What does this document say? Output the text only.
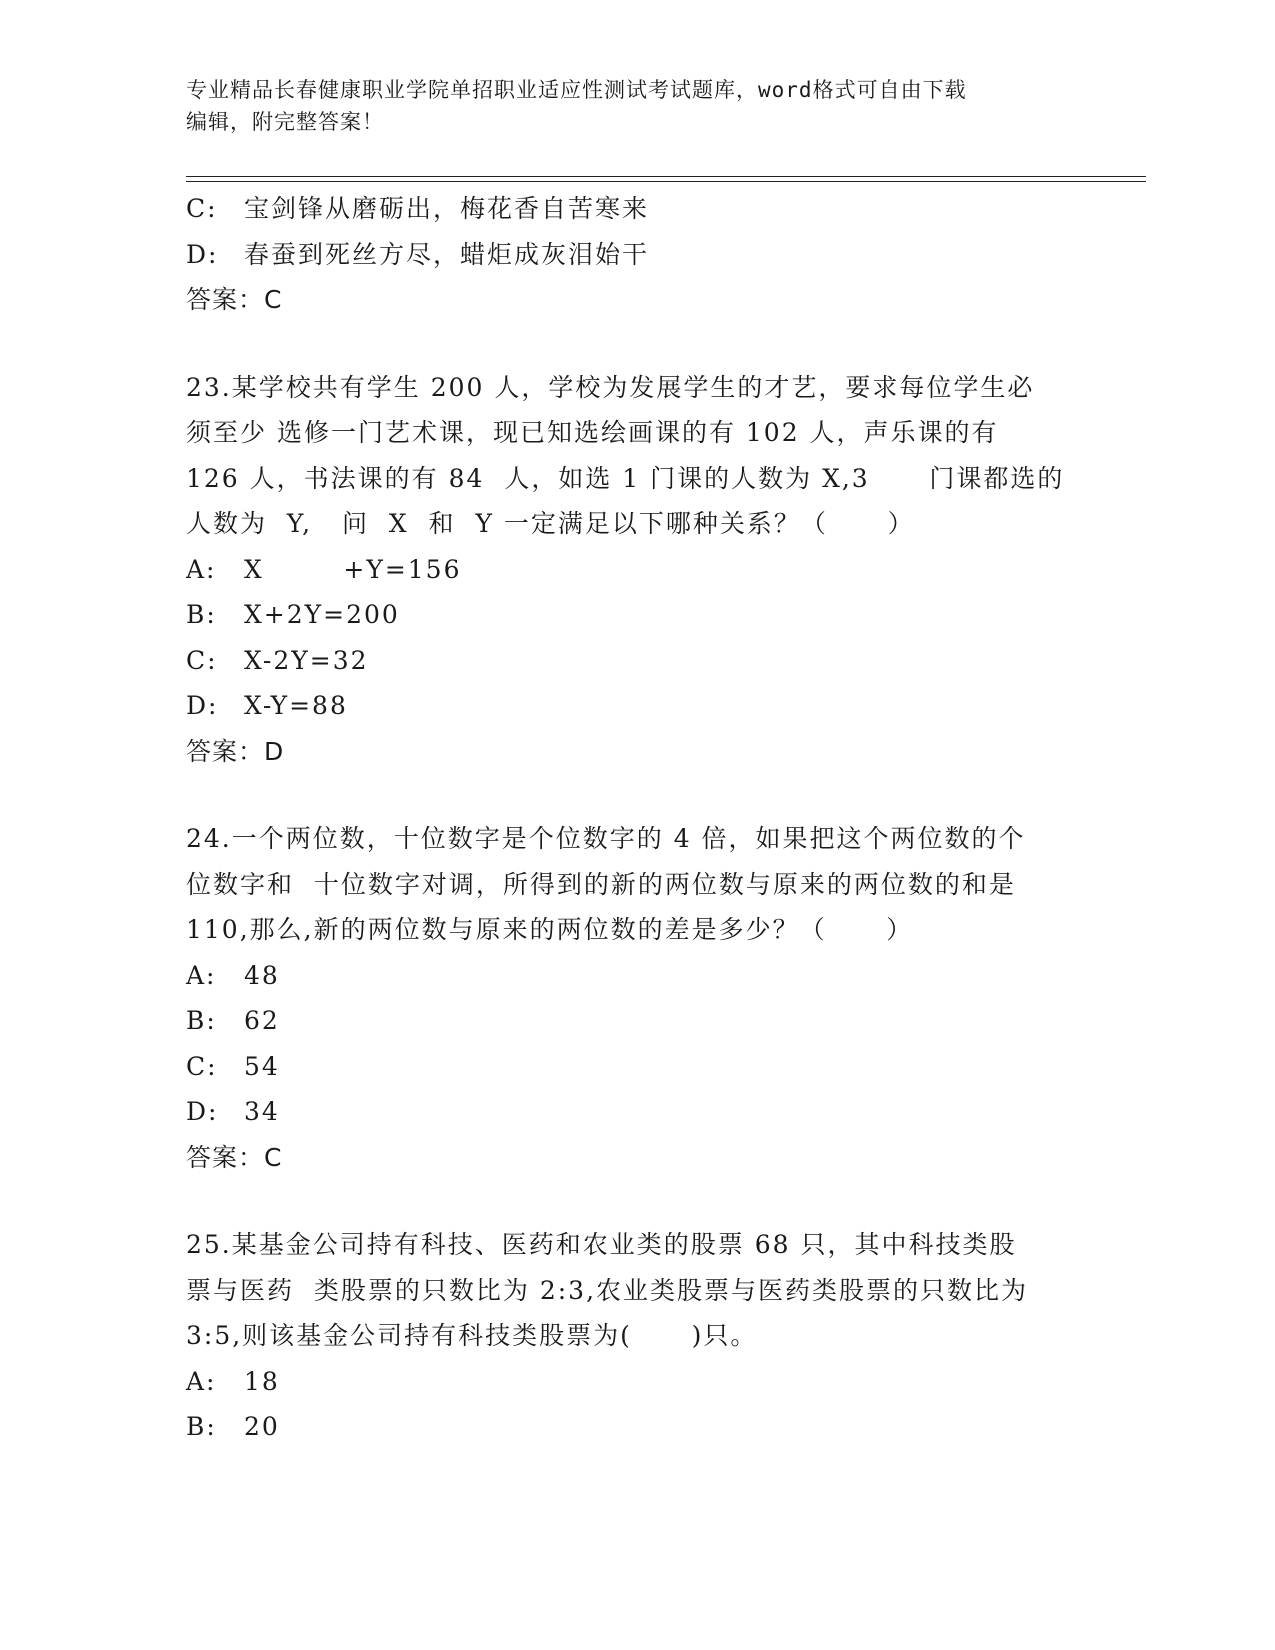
专业精品长春健康职业学院单招职业适应性测试考试题库，word格式可自由下载
编辑，附完整答案！
C: 宝剑锋从磨砺出，梅花香自苦寒来
D: 春蚕到死丝方尽，蜡炬成灰泪始干
答案：C
23.某学校共有学生 200 人，学校为发展学生的才艺，要求每位学生必
须至少 选修一门艺术课，现已知选绘画课的有 102 人，声乐课的有
126 人，书法课的有 84  人，如选 1 门课的人数为 X,3      门课都选的
人数为  Y,   问  X  和  Y 一定满足以下哪种关系？（      ）
A: X        +Y=156
B: X+2Y=200
C: X-2Y=32
D: X-Y=88
答案：D
24.一个两位数，十位数字是个位数字的 4 倍，如果把这个两位数的个
位数字和  十位数字对调，所得到的新的两位数与原来的两位数的和是
110,那么,新的两位数与原来的两位数的差是多少？（      ）
A: 48
B: 62
C: 54
D: 34
答案：C
25.某基金公司持有科技、医药和农业类的股票 68 只，其中科技类股
票与医药  类股票的只数比为 2:3,农业类股票与医药类股票的只数比为
3:5,则该基金公司持有科技类股票为(      )只。
A: 18
B: 20
